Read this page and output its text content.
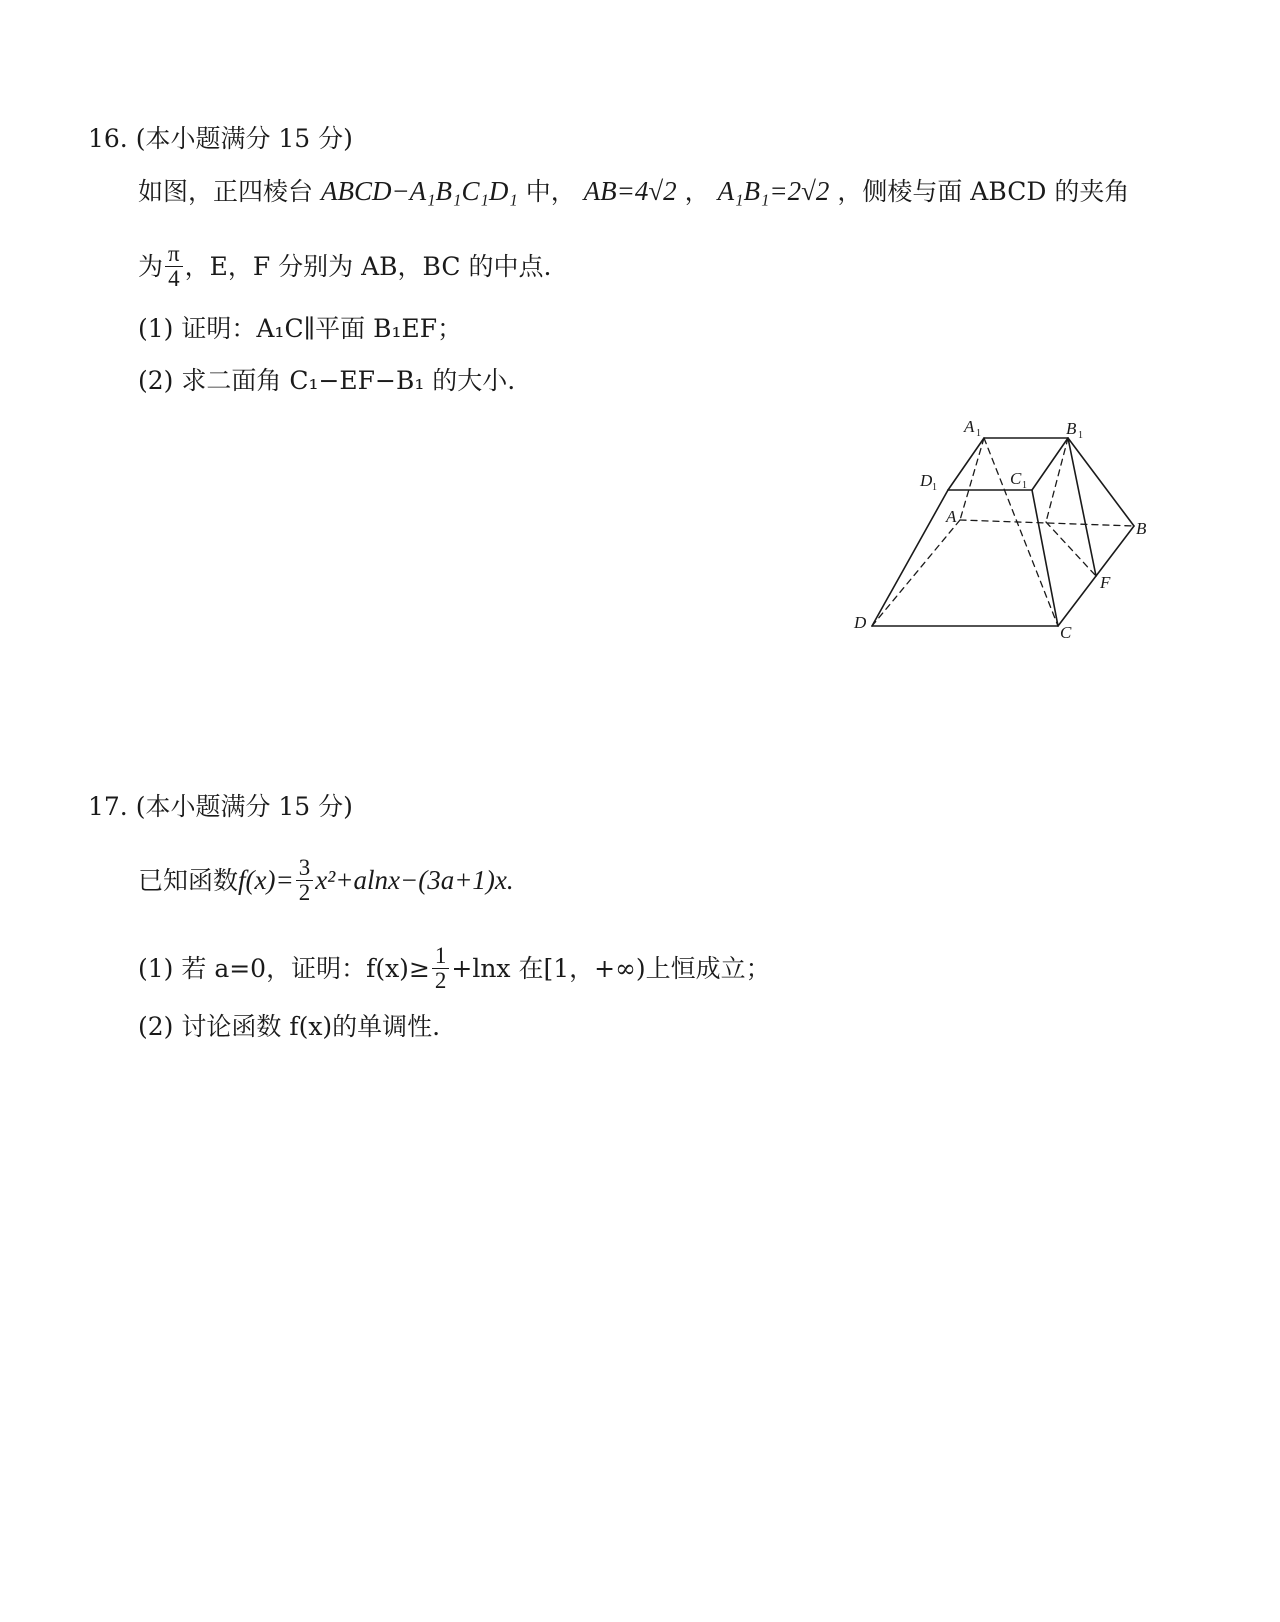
16. (本小题满分 15 分)
如图，正四棱台 ABCD−A₁B₁C₁D₁ 中， AB=4√2 ， A₁B₁=2√2 ，侧棱与面 ABCD 的夹角
为 $\frac{\pi}{4}$ ，E，F 分别为 AB，BC 的中点.
(1) 证明：A₁C∥平面 B₁EF；
(2) 求二面角 C₁−EF−B₁ 的大小.
A 1	B 1
D 1	C 1
A
B
C
D
F
17. (本小题满分 15 分)
已知函数$f(x)= \frac{3}{2} x^2+alnx-(3a+1)x$.
(1) 若 a=0，证明：$f(x)\ge \frac{1}{2} +\ln x$ 在[1，+∞)上恒成立；
(2) 讨论函数 f(x)的单调性.
